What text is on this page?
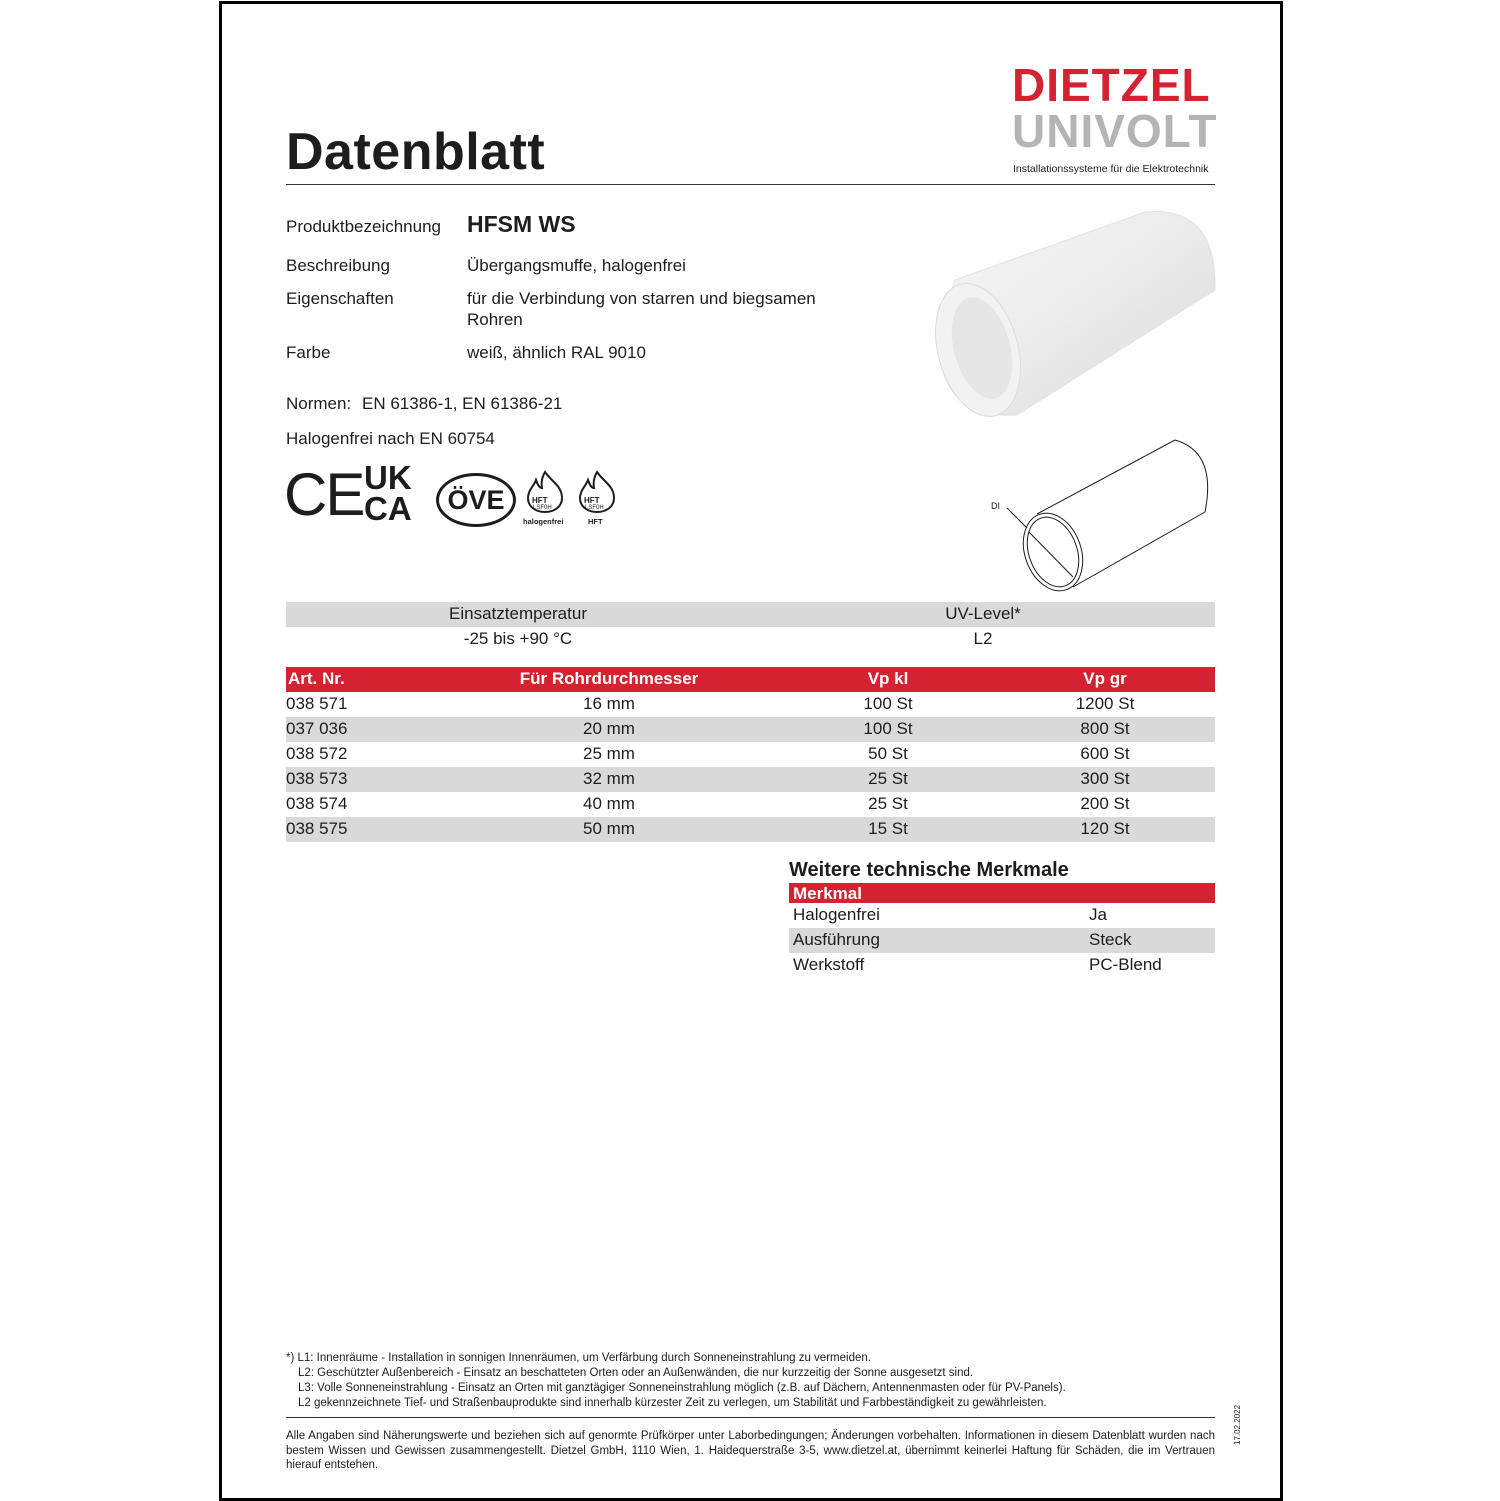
Datenblatt
DIETZEL
UNIVOLT
Installationssysteme für die Elektrotechnik
Produktbezeichnung HFSM WS
Beschreibung	Übergangsmuffe, halogenfrei
Eigenschaften	für die Verbindung von starren und biegsamen
Rohren
Farbe	weiß, ähnlich RAL 9010
Normen: EN 61386-1, EN 61386-21
Halogenfrei nach EN 60754
CE UK
CA	ÖVE	HFT
LSF0H
halogenfrei
HFT
LSF0H
HFT
DI
Einsatztemperatur	UV-Level*
-25 bis +90 °C	L2
Art. Nr.	Für Rohrdurchmesser	Vp kl	Vp gr
038 571	16 mm	100 St	1200 St
037 036	20 mm	100 St	800 St
038 572	25 mm	50 St	600 St
038 573	32 mm	25 St	300 St
038 574	40 mm	25 St	200 St
038 575	50 mm	15 St	120 St
Weitere technische Merkmale
Merkmal
Halogenfrei	Ja
Ausführung	Steck
Werkstoff	PC-Blend
*) L1: Innenräume - Installation in sonnigen Innenräumen, um Verfärbung durch Sonneneinstrahlung zu vermeiden.
L2: Geschützter Außenbereich - Einsatz an beschatteten Orten oder an Außenwänden, die nur kurzzeitig der Sonne ausgesetzt sind.
L3: Volle Sonneneinstrahlung - Einsatz an Orten mit ganztägiger Sonneneinstrahlung möglich (z.B. auf Dächern, Antennenmasten oder für PV-Panels).
L2 gekennzeichnete Tief- und Straßenbauprodukte sind innerhalb kürzester Zeit zu verlegen, um Stabilität und Farbbeständigkeit zu gewährleisten.
Alle Angaben sind Näherungswerte und beziehen sich auf genormte Prüfkörper unter Laborbedingungen; Änderungen vorbehalten. Informationen in diesem Datenblatt wurden nach bestem Wissen und Gewissen zusammengestellt. Dietzel GmbH, 1110 Wien, 1. Haidequerstraße 3-5, www.dietzel.at, übernimmt keinerlei Haftung für Schäden, die im Vertrauen hierauf entstehen.
17.02.2022
